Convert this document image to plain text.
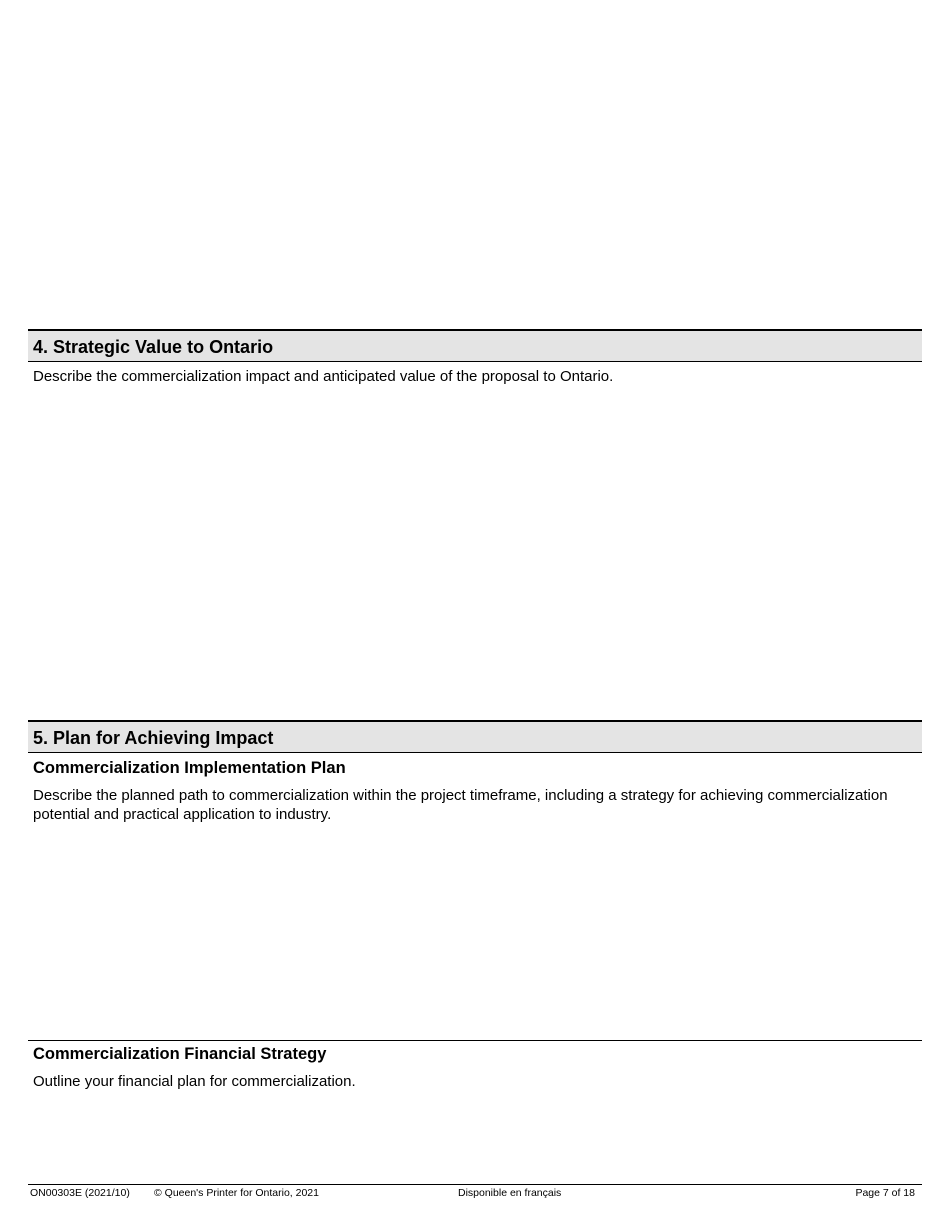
4. Strategic Value to Ontario
Describe the commercialization impact and anticipated value of the proposal to Ontario.
5. Plan for Achieving Impact
Commercialization Implementation Plan
Describe the planned path to commercialization within the project timeframe, including a strategy for achieving commercialization potential and practical application to industry.
Commercialization Financial Strategy
Outline your financial plan for commercialization.
ON00303E (2021/10) © Queen's Printer for Ontario, 2021	Disponible en français	Page 7 of 18
